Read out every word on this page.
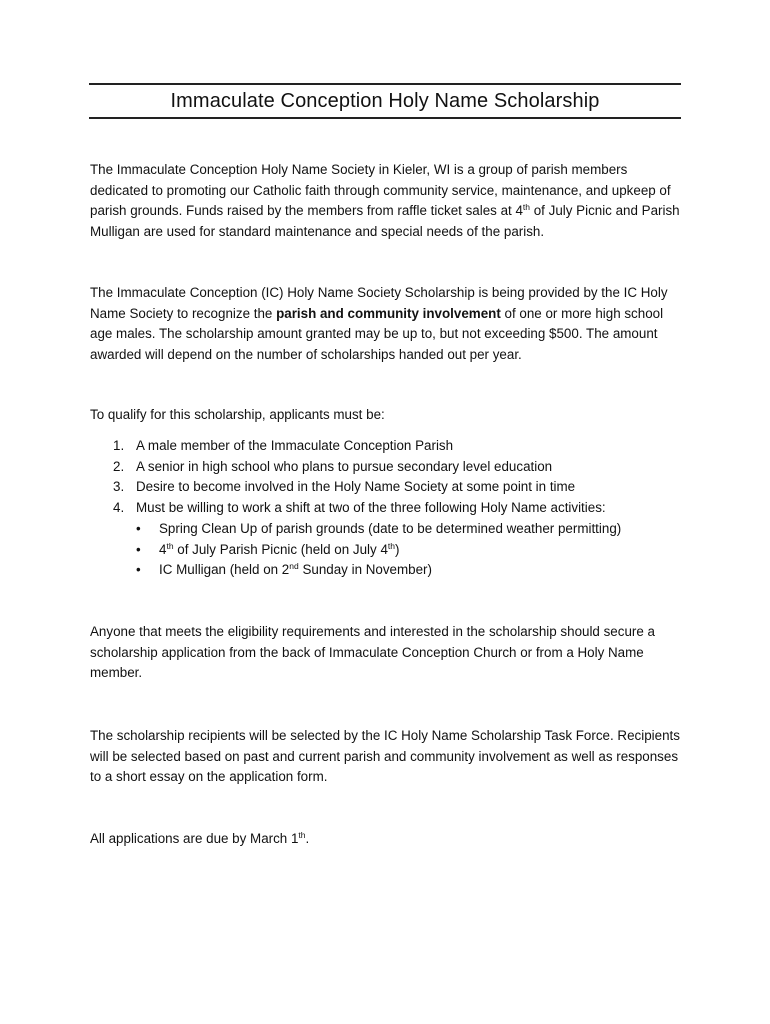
Immaculate Conception Holy Name Scholarship

The Immaculate Conception Holy Name Society in Kieler, WI is a group of parish members dedicated to promoting our Catholic faith through community service, maintenance, and upkeep of parish grounds. Funds raised by the members from raffle ticket sales at 4th of July Picnic and Parish Mulligan are used for standard maintenance and special needs of the parish.

The Immaculate Conception (IC) Holy Name Society Scholarship is being provided by the IC Holy Name Society to recognize the parish and community involvement of one or more high school age males. The scholarship amount granted may be up to, but not exceeding $500. The amount awarded will depend on the number of scholarships handed out per year.

To qualify for this scholarship, applicants must be:

1. A male member of the Immaculate Conception Parish
2. A senior in high school who plans to pursue secondary level education
3. Desire to become involved in the Holy Name Society at some point in time
4. Must be willing to work a shift at two of the three following Holy Name activities:
• Spring Clean Up of parish grounds (date to be determined weather permitting)
• 4th of July Parish Picnic (held on July 4th)
• IC Mulligan (held on 2nd Sunday in November)

Anyone that meets the eligibility requirements and interested in the scholarship should secure a scholarship application from the back of Immaculate Conception Church or from a Holy Name member.

The scholarship recipients will be selected by the IC Holy Name Scholarship Task Force. Recipients will be selected based on past and current parish and community involvement as well as responses to a short essay on the application form.

All applications are due by March 1th.
